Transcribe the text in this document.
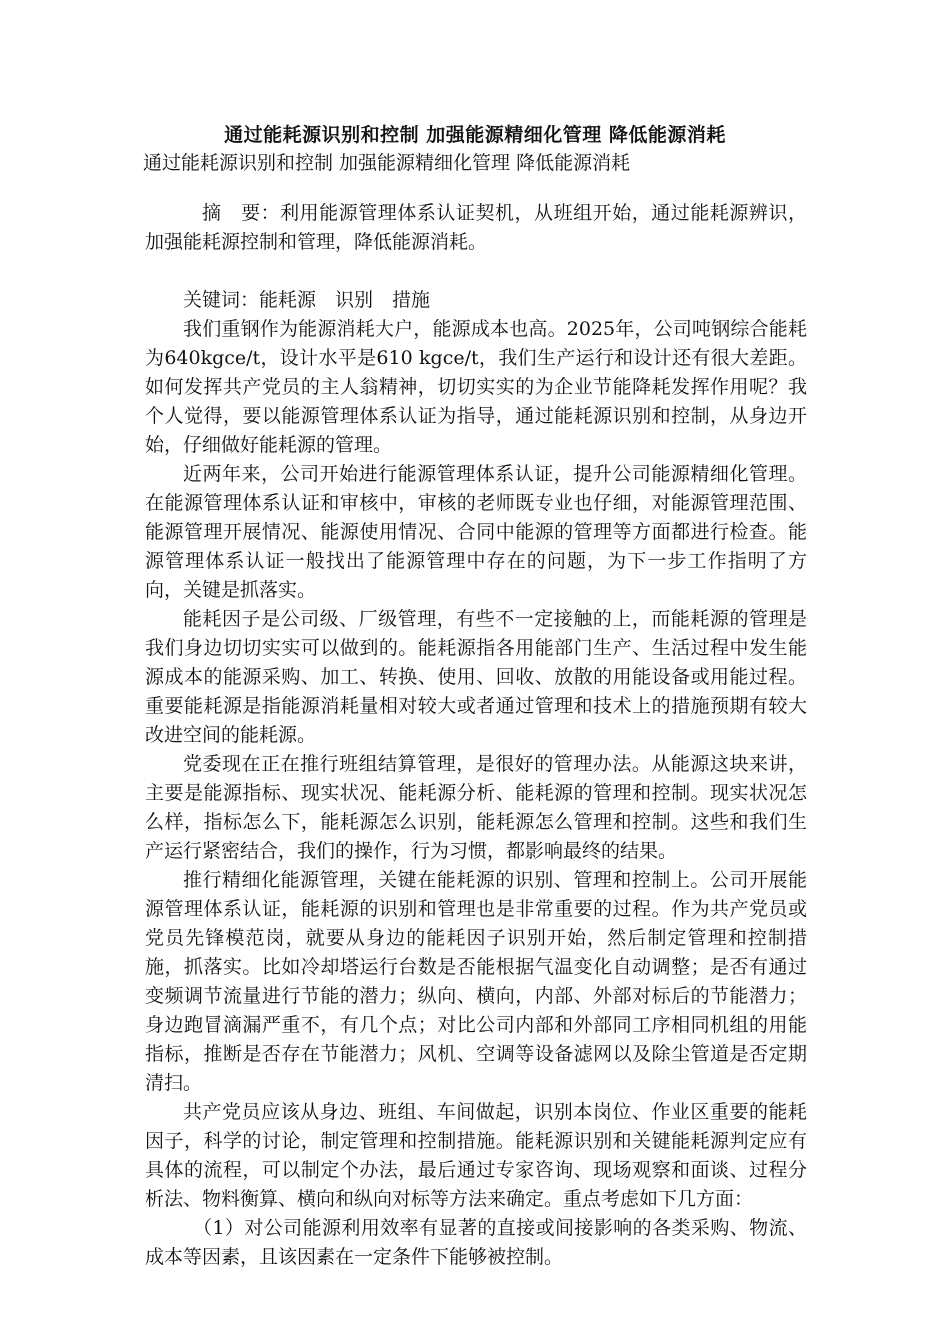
通过能耗源识别和控制 加强能源精细化管理 降低能源消耗
通过能耗源识别和控制 加强能源精细化管理 降低能源消耗

摘　要：利用能源管理体系认证契机，从班组开始，通过能耗源辨识，加强能耗源控制和管理，降低能源消耗。

关键词：能耗源　识别　措施

我们重钢作为能源消耗大户，能源成本也高。2025年，公司吨钢综合能耗为640kgce/t，设计水平是610 kgce/t，我们生产运行和设计还有很大差距。如何发挥共产党员的主人翁精神，切切实实的为企业节能降耗发挥作用呢？我个人觉得，要以能源管理体系认证为指导，通过能耗源识别和控制，从身边开始，仔细做好能耗源的管理。

近两年来，公司开始进行能源管理体系认证，提升公司能源精细化管理。在能源管理体系认证和审核中，审核的老师既专业也仔细，对能源管理范围、能源管理开展情况、能源使用情况、合同中能源的管理等方面都进行检查。能源管理体系认证一般找出了能源管理中存在的问题，为下一步工作指明了方向，关键是抓落实。

能耗因子是公司级、厂级管理，有些不一定接触的上，而能耗源的管理是我们身边切切实实可以做到的。能耗源指各用能部门生产、生活过程中发生能源成本的能源采购、加工、转换、使用、回收、放散的用能设备或用能过程。重要能耗源是指能源消耗量相对较大或者通过管理和技术上的措施预期有较大改进空间的能耗源。

党委现在正在推行班组结算管理，是很好的管理办法。从能源这块来讲，主要是能源指标、现实状况、能耗源分析、能耗源的管理和控制。现实状况怎么样，指标怎么下，能耗源怎么识别，能耗源怎么管理和控制。这些和我们生产运行紧密结合，我们的操作，行为习惯，都影响最终的结果。

推行精细化能源管理，关键在能耗源的识别、管理和控制上。公司开展能源管理体系认证，能耗源的识别和管理也是非常重要的过程。作为共产党员或党员先锋模范岗，就要从身边的能耗因子识别开始，然后制定管理和控制措施，抓落实。比如冷却塔运行台数是否能根据气温变化自动调整；是否有通过变频调节流量进行节能的潜力；纵向、横向，内部、外部对标后的节能潜力；身边跑冒滴漏严重不，有几个点；对比公司内部和外部同工序相同机组的用能指标，推断是否存在节能潜力；风机、空调等设备滤网以及除尘管道是否定期清扫。

共产党员应该从身边、班组、车间做起，识别本岗位、作业区重要的能耗因子，科学的讨论，制定管理和控制措施。能耗源识别和关键能耗源判定应有具体的流程，可以制定个办法，最后通过专家咨询、现场观察和面谈、过程分析法、物料衡算、横向和纵向对标等方法来确定。重点考虑如下几方面：

（1）对公司能源利用效率有显著的直接或间接影响的各类采购、物流、成本等因素，且该因素在一定条件下能够被控制。
